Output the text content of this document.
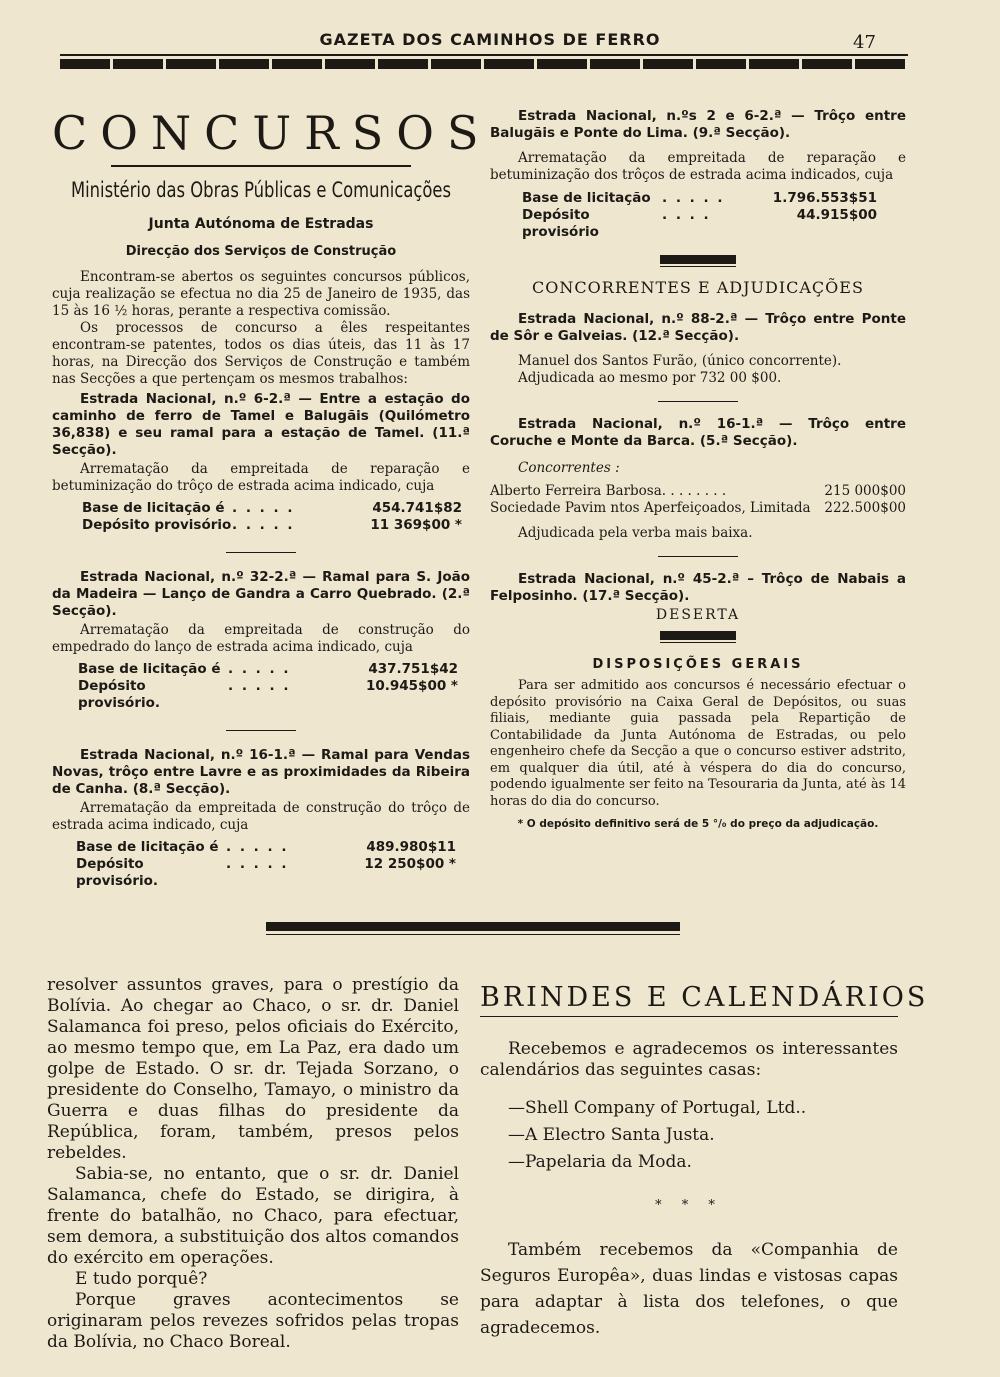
GAZETA DOS CAMINHOS DE FERRO	47
CONCURSOS
Ministério das Obras Públicas e Comunicações
Junta Autónoma de Estradas
Direcção dos Serviços de Construção

Encontram-se abertos os seguintes concursos públicos, cuja realização se efectua no dia 25 de Janeiro de 1935, das 15 às 16 ½ horas, perante a respectiva comissão.

Os processos de concurso a êles respeitantes encontram-se patentes, todos os dias úteis, das 11 às 17 horas, na Direcção dos Serviços de Construção e também nas Secções a que pertençam os mesmos trabalhos:

Estrada Nacional, n.º 6-2.ª — Entre a estação do caminho de ferro de Tamel e Balugãis (Quilómetro 36,838) e seu ramal para a estação de Tamel. (11.ª Secção).

Arrematação da empreitada de reparação e betuminização do trôço de estrada acima indicado, cuja

Base de licitação é . . . . .	454.741$82
Depósito provisório . . . . .	11 369$00 *

Estrada Nacional, n.º 32-2.ª — Ramal para S. João da Madeira — Lanço de Gandra a Carro Quebrado. (2.ª Secção).

Arrematação da empreitada de construção do empedrado do lanço de estrada acima indicado, cuja

Base de licitação é . . . . .	437.751$42
Depósito provisório.
. . . . .	10.945$00 *

Estrada Nacional, n.º 16-1.ª — Ramal para Vendas Novas, trôço entre Lavre e as proximidades da Ribeira de Canha. (8.ª Secção).

Arrematação da empreitada de construção do trôço de estrada acima indicado, cuja

Base de licitação é . . . . .	489.980$11
Depósito provisório.
. . . . .	12 250$00 *

Estrada Nacional, n.ºs 2 e 6-2.ª — Trôço entre Balugãis e Ponte do Lima. (9.ª Secção).

Arrematação da empreitada de reparação e betuminização dos trôços de estrada acima indicados, cuja

Base de licitação . . . . .	1.796.553$51
Depósito provisório
. . . .	44.915$00
CONCORRENTES E ADJUDICAÇÕES

Estrada Nacional, n.º 88-2.ª — Trôço entre Ponte de Sôr e Galveias. (12.ª Secção).

Manuel dos Santos Furão, (único concorrente).

Adjudicada ao mesmo por 732 00 $00.

Estrada Nacional, n.º 16-1.ª — Trôço entre Coruche e Monte da Barca. (5.ª Secção).

Concorrentes :
Alberto Ferreira Barbosa. . . . . . . .	215 000$00
Sociedade Pavim ntos Aperfeiçoados, Limitada 222.500$00
Adjudicada pela verba mais baixa.

Estrada Nacional, n.º 45-2.ª – Trôço de Nabais a Felposinho. (17.ª Secção).

DESERTA
DISPOSIÇÕES GERAIS

Para ser admitido aos concursos é necessário efectuar o depósito provisório na Caixa Geral de Depósitos, ou suas filiais, mediante guia passada pela Repartição de Contabilidade da Junta Autónoma de Estradas, ou pelo engenheiro chefe da Secção a que o concurso estiver adstrito, em qualquer dia útil, até à véspera do dia do concurso, podendo igualmente ser feito na Tesouraria da Junta, até às 14 horas do dia do concurso.

* O depósito definitivo será de 5 °/₀ do preço da adjudicação.

resolver assuntos graves, para o prestígio da Bolívia. Ao chegar ao Chaco, o sr. dr. Daniel Salamanca foi preso, pelos oficiais do Exército, ao mesmo tempo que, em La Paz, era dado um golpe de Estado. O sr. dr. Tejada Sorzano, o presidente do Conselho, Tamayo, o ministro da Guerra e duas filhas do presidente da República, foram, também, presos pelos rebeldes.

Sabia-se, no entanto, que o sr. dr. Daniel Salamanca, chefe do Estado, se dirigira, à frente do batalhão, no Chaco, para efectuar, sem demora, a substituição dos altos comandos do exército em operações.

E tudo porquê?

Porque graves acontecimentos se originaram pelos revezes sofridos pelas tropas da Bolívia, no Chaco Boreal.

BRINDES E CALENDÁRIOS

Recebemos e agradecemos os interessantes calendários das seguintes casas:

—Shell Company of Portugal, Ltd..
—A Electro Santa Justa.
—Papelaria da Moda.
* * *

Também recebemos da «Companhia de Seguros Europêa», duas lindas e vistosas capas para adaptar à lista dos telefones, o que agradecemos.
